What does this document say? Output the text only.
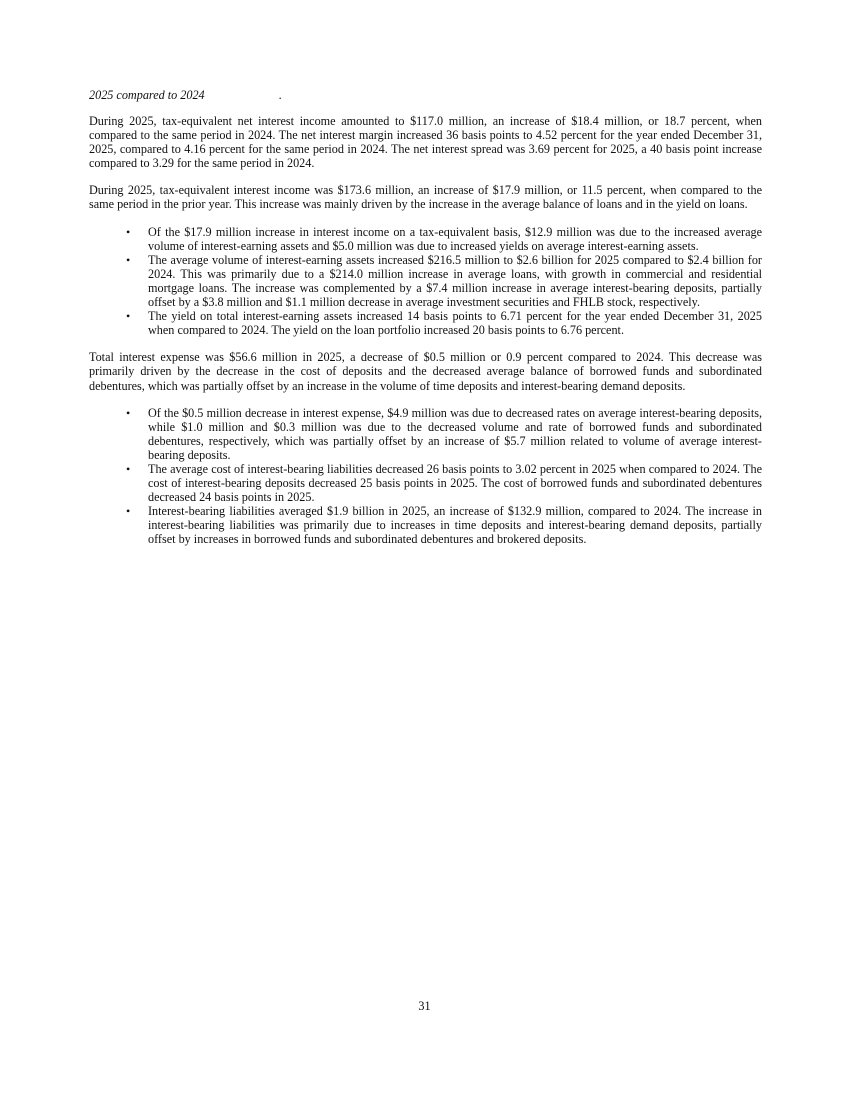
2025 compared to 2024	.

During 2025, tax-equivalent net interest income amounted to $117.0 million, an increase of $18.4 million, or 18.7 percent, when compared to the same period in 2024. The net interest margin increased 36 basis points to 4.52 percent for the year ended December 31, 2025, compared to 4.16 percent for the same period in 2024. The net interest spread was 3.69 percent for 2025, a 40 basis point increase compared to 3.29 for the same period in 2024.

During 2025, tax-equivalent interest income was $173.6 million, an increase of $17.9 million, or 11.5 percent, when compared to the same period in the prior year. This increase was mainly driven by the increase in the average balance of loans and in the yield on loans.

• Of the $17.9 million increase in interest income on a tax-equivalent basis, $12.9 million was due to the increased average volume of interest-earning assets and $5.0 million was due to increased yields on average interest-earning assets.
• The average volume of interest-earning assets increased $216.5 million to $2.6 billion for 2025 compared to $2.4 billion for 2024. This was primarily due to a $214.0 million increase in average loans, with growth in commercial and residential mortgage loans. The increase was complemented by a $7.4 million increase in average interest-bearing deposits, partially offset by a $3.8 million and $1.1 million decrease in average investment securities and FHLB stock, respectively.
• The yield on total interest-earning assets increased 14 basis points to 6.71 percent for the year ended December 31, 2025 when compared to 2024. The yield on the loan portfolio increased 20 basis points to 6.76 percent.

Total interest expense was $56.6 million in 2025, a decrease of $0.5 million or 0.9 percent compared to 2024. This decrease was primarily driven by the decrease in the cost of deposits and the decreased average balance of borrowed funds and subordinated debentures, which was partially offset by an increase in the volume of time deposits and interest-bearing demand deposits.

• Of the $0.5 million decrease in interest expense, $4.9 million was due to decreased rates on average interest-bearing deposits, while $1.0 million and $0.3 million was due to the decreased volume and rate of borrowed funds and subordinated debentures, respectively, which was partially offset by an increase of $5.7 million related to volume of average interest-bearing deposits.
• The average cost of interest-bearing liabilities decreased 26 basis points to 3.02 percent in 2025 when compared to 2024. The cost of interest-bearing deposits decreased 25 basis points in 2025. The cost of borrowed funds and subordinated debentures decreased 24 basis points in 2025.
• Interest-bearing liabilities averaged $1.9 billion in 2025, an increase of $132.9 million, compared to 2024. The increase in interest-bearing liabilities was primarily due to increases in time deposits and interest-bearing demand deposits, partially offset by increases in borrowed funds and subordinated debentures and brokered deposits.
31
